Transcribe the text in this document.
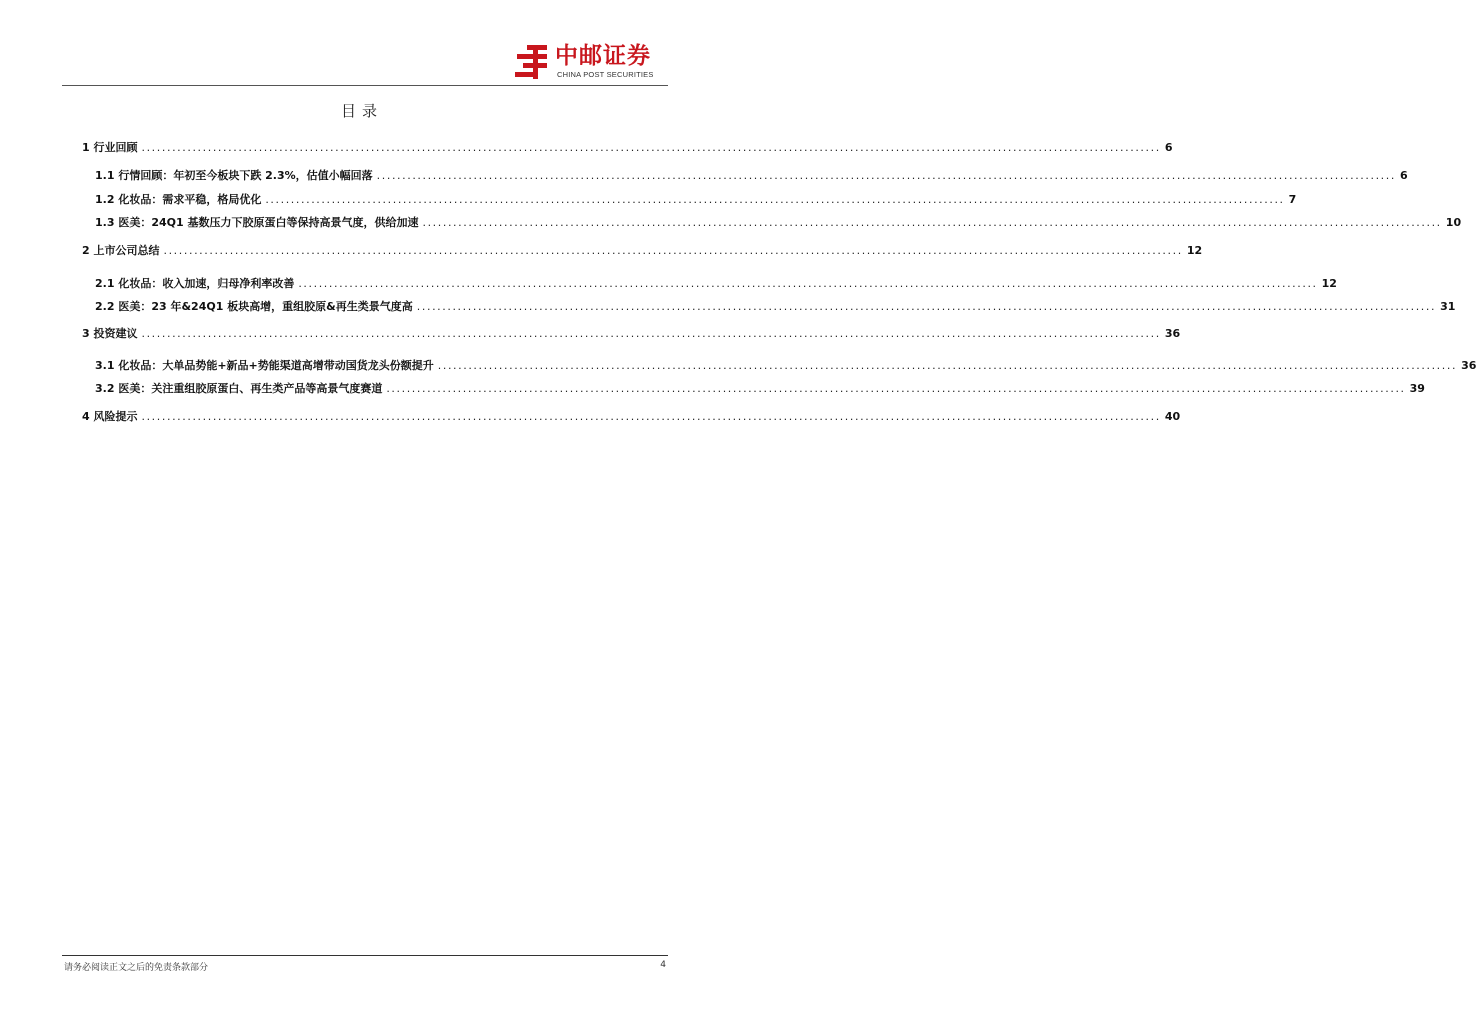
中邮证券
CHINA POST SECURITIES
目录
1 行业回顾 ........................................................................................................................................................................................................ 6
1.1 行情回顾：年初至今板块下跌 2.3%，估值小幅回落 ........................................................................................................................................................................................................ 6
1.2 化妆品：需求平稳，格局优化 ........................................................................................................................................................................................................ 7
1.3 医美：24Q1 基数压力下胶原蛋白等保持高景气度，供给加速 ........................................................................................................................................................................................................ 10
2 上市公司总结 ........................................................................................................................................................................................................ 12
2.1 化妆品：收入加速，归母净利率改善 ........................................................................................................................................................................................................ 12
2.2 医美：23 年&24Q1 板块高增，重组胶原&再生类景气度高 ........................................................................................................................................................................................................ 31
3 投资建议 ........................................................................................................................................................................................................ 36
3.1 化妆品：大单品势能+新品+势能渠道高增带动国货龙头份额提升 ........................................................................................................................................................................................................ 36
3.2 医美：关注重组胶原蛋白、再生类产品等高景气度赛道 ........................................................................................................................................................................................................ 39
4 风险提示 ........................................................................................................................................................................................................ 40
请务必阅读正文之后的免责条款部分	4
